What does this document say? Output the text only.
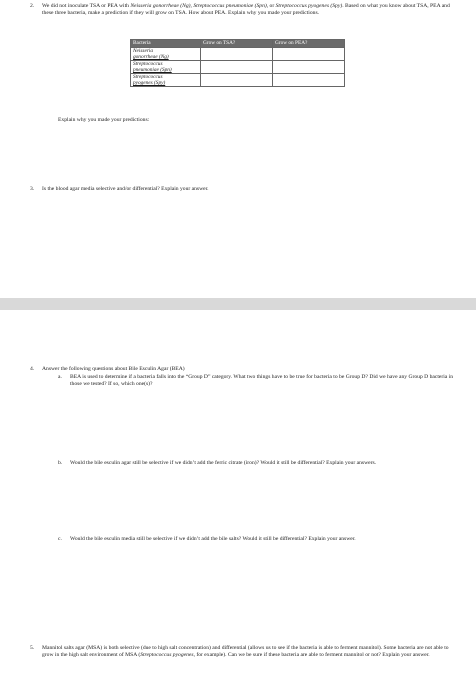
2. We did not inoculate TSA or PEA with Neisseria gonorrheae (Ng), Streptococcus pneumoniae (Spn), or Streptococcus pyogenes (Spy). Based on what you know about TSA, PEA and these three bacteria, make a prediction if they will grow on TSA. How about PEA. Explain why you made your predictions.
Bacteria	Grow on TSA?	Grow on PEA?

Neisseria
gonorrheae (Ng)		

Streptococcus
pneumoniae (Spn)		

Streptococcus
pyogenes (Spy)		

Explain why you made your predictions:
3. Is the blood agar media selective and/or differential? Explain your answer.
4. Answer the following questions about Bile Esculin Agar (BEA)
a. BEA is used to determine if a bacteria falls into the “Group D” category. What two things have to be true for bacteria to be Group D? Did we have any Group D bacteria in those we tested? If so, which one(s)?
b. Would the bile esculin agar still be selective if we didn’t add the ferric citrate (iron)? Would it still be differential? Explain your answers.
c. Would the bile esculin media still be selective if we didn’t add the bile salts? Would it still be differential? Explain your answer.
5. Mannitol salts agar (MSA) is both selective (due to high salt concentration) and differential (allows us to see if the bacteria is able to ferment mannitol). Some bacteria are not able to grow in the high salt environment of MSA (Streptococcus pyogenes, for example). Can we be sure if these bacteria are able to ferment mannitol or not? Explain your answer.
